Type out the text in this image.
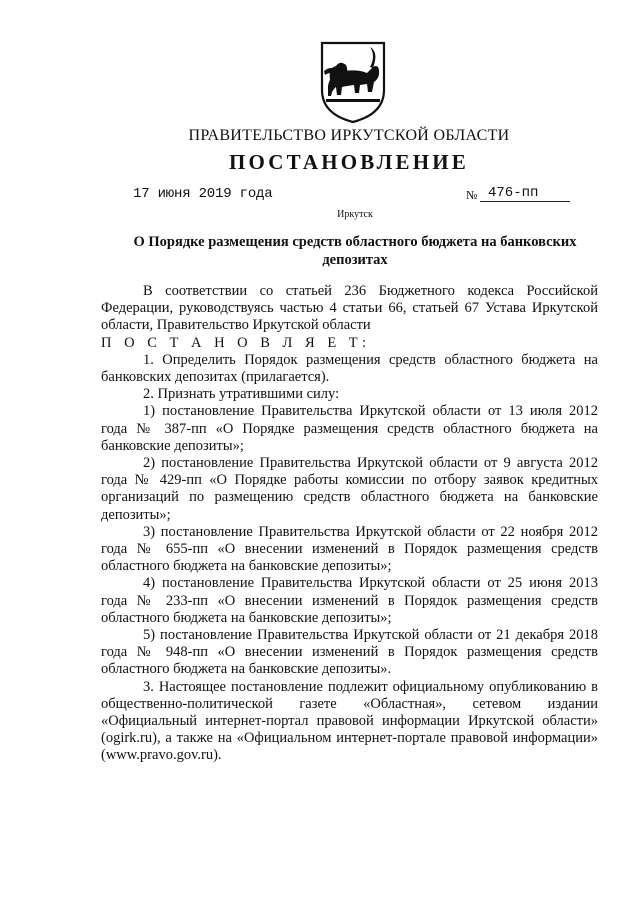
ПРАВИТЕЛЬСТВО ИРКУТСКОЙ ОБЛАСТИ
ПОСТАНОВЛЕНИЕ
17 июня 2019 года	№ 476-пп
Иркутск
О Порядке размещения средств областного бюджета на банковских депозитах

В соответствии со статьей 236 Бюджетного кодекса Российской Федерации, руководствуясь частью 4 статьи 66, статьей 67 Устава Иркутской области, Правительство Иркутской области

П О С Т А Н О В Л Я Е Т:

1. Определить Порядок размещения средств областного бюджета на банковских депозитах (прилагается).

2. Признать утратившими силу:

1) постановление Правительства Иркутской области от 13 июля 2012 года № 387-пп «О Порядке размещения средств областного бюджета на банковские депозиты»;

2) постановление Правительства Иркутской области от 9 августа 2012 года № 429-пп «О Порядке работы комиссии по отбору заявок кредитных организаций по размещению средств областного бюджета на банковские депозиты»;

3) постановление Правительства Иркутской области от 22 ноября 2012 года № 655-пп «О внесении изменений в Порядок размещения средств областного бюджета на банковские депозиты»;

4) постановление Правительства Иркутской области от 25 июня 2013 года № 233-пп «О внесении изменений в Порядок размещения средств областного бюджета на банковские депозиты»;

5) постановление Правительства Иркутской области от 21 декабря 2018 года № 948-пп «О внесении изменений в Порядок размещения средств областного бюджета на банковские депозиты».

3. Настоящее постановление подлежит официальному опубликованию в общественно-политической газете «Областная», сетевом издании «Официальный интернет-портал правовой информации Иркутской области» (ogirk.ru), а также на «Официальном интернет-портале правовой информации» (www.pravo.gov.ru).
